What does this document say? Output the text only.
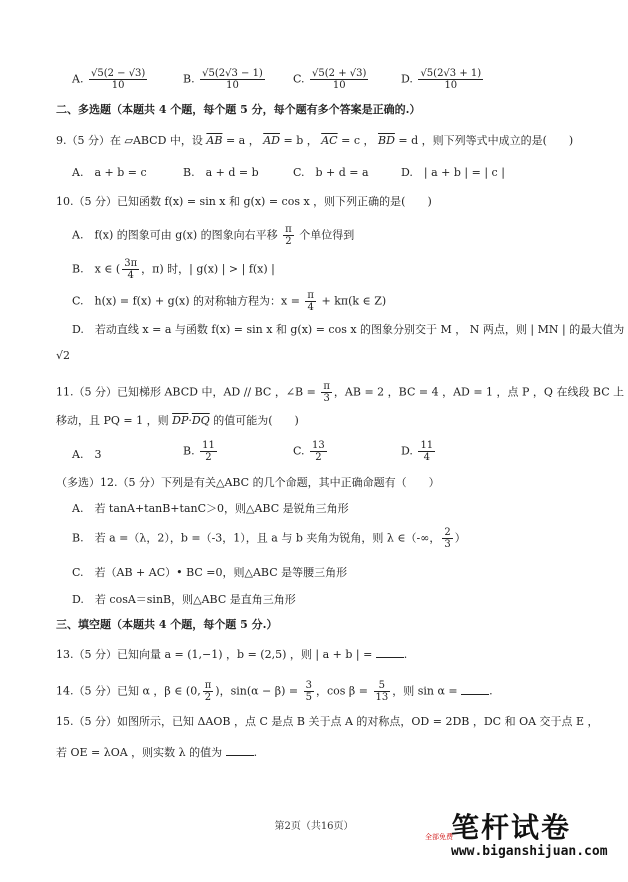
A. $\frac{√5(2 - √3)}{10}$	B. $\frac{√5(2√3 - 1)}{10}$	C. $\frac{√5(2 + √3)}{10}$	D. $\frac{√5(2√3 + 1)}{10}$
二、多选题（本题共 4 个题，每个题 5 分，每个题有多个答案是正确的.）
9.（5 分）在 ▱ABCD 中，设 $\overline{AB} = a$ ， $\overline{AD} = b$ ， $\overline{AC} = c$ ， $\overline{BD} = d$ ，则下列等式中成立的是(　　)
A.　a + b = c	B.　a + d = b	C.　b + d = a	D.　| a + b | = | c |
10.（5 分）已知函数 f(x) = sin x 和 g(x) = cos x ，则下列正确的是(　　)
A.　f(x) 的图象可由 g(x) 的图象向右平移 $\frac{\pi}{2}$ 个单位得到
B.　x ∈ ( $\frac{3\pi}{4}$ ，π) 时，| g(x) | > | f(x) |
C.　h(x) = f(x) + g(x) 的对称轴方程为：$x = \frac{\pi}{4} + k\pi(k$ ∈ Z)
D.　若动直线 x = a 与函数 f(x) = sin x 和 g(x) = cos x 的图象分别交于 M ， N 两点，则 | MN | 的最大值为
√2
11.（5 分）已知梯形 ABCD 中，AD // BC ，∠B = $\frac{\pi}{3}$ ，AB = 2 ，BC = 4 ，AD = 1 ，点 P ，Q 在线段 BC 上
移动，且 PQ = 1 ，则 $\overline{DP}\cdot\overline{DQ}$ 的值可能为(　　)
A.　3	B. $\frac{11}{2}$	C. $\frac{13}{2}$	D. $\frac{11}{4}$
（多选）12.（5 分）下列是有关△ABC 的几个命题，其中正确命题有（　　）
A.　若 tanA+tanB+tanC＞0，则△ABC 是锐角三角形
B.　若 a =（λ，2），b =（-3，1），且 a 与 b 夹角为锐角，则 λ ∈（-∞， $\frac{2}{3}$ ）
C.　若（AB + AC）• BC =0，则△ABC 是等腰三角形
D.　若 cosA＝sinB，则△ABC 是直角三角形
三、填空题（本题共 4 个题，每个题 5 分.）
13.（5 分）已知向量 a = (1,−1) ，b = (2,5) ，则 | a + b | =	.
14.（5 分）已知 α ，β ∈ (0, $\frac{\pi}{2}$ )，$\sin(\alpha - \beta) = \frac{3}{5}$ ，$\cos \beta = \frac{5}{13}$ ，则 sin α =	.
15.（5 分）如图所示，已知 ΔAOB ，点 C 是点 B 关于点 A 的对称点，OD = 2DB ，DC 和 OA 交于点 E ，
若 OE = λOA ，则实数 λ 的值为	.
第2页（共16页）	笔杆试卷
全部免费
www.biganshijuan.com
